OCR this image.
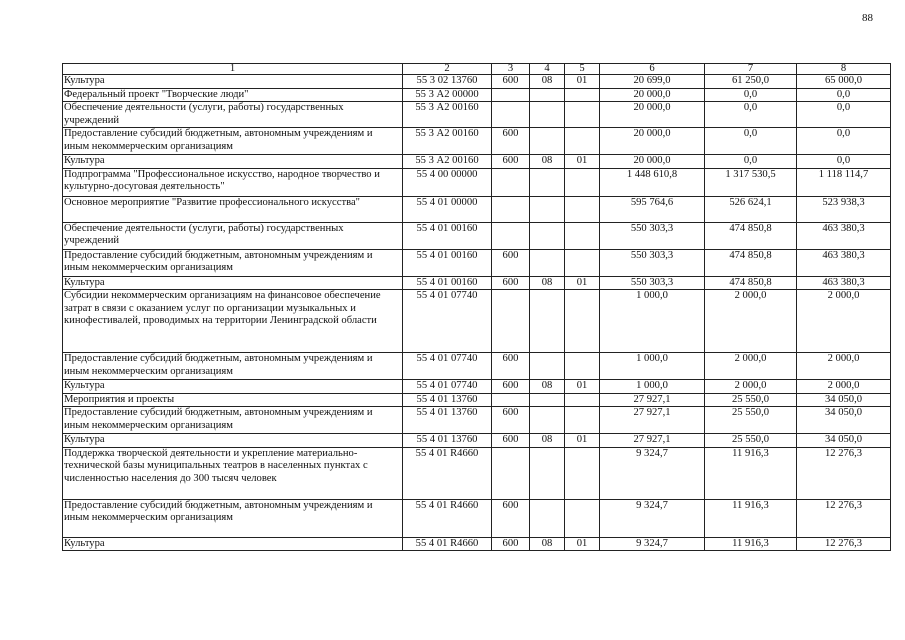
88
1	2	3	4	5	6	7	8
Культура	55 3 02 13760	600	08	01	20 699,0	61 250,0	65 000,0
Федеральный проект "Творческие люди"	55 3 А2 00000				20 000,0	0,0	0,0
Обеспечение деятельности (услуги, работы) государственных учреждений	55 3 А2 00160				20 000,0	0,0	0,0
Предоставление субсидий бюджетным, автономным учреждениям и иным некоммерческим организациям	55 3 А2 00160	600			20 000,0	0,0	0,0
Культура	55 3 А2 00160	600	08	01	20 000,0	0,0	0,0
Подпрограмма "Профессиональное искусство, народное творчество и культурно-досуговая деятельность"	55 4 00 00000				1 448 610,8	1 317 530,5	1 118 114,7
Основное мероприятие "Развитие профессионального искусства"	55 4 01 00000				595 764,6	526 624,1	523 938,3
Обеспечение деятельности (услуги, работы) государственных учреждений	55 4 01 00160				550 303,3	474 850,8	463 380,3
Предоставление субсидий бюджетным, автономным учреждениям и иным некоммерческим организациям	55 4 01 00160	600			550 303,3	474 850,8	463 380,3
Культура	55 4 01 00160	600	08	01	550 303,3	474 850,8	463 380,3
Субсидии некоммерческим организациям на финансовое обеспечение затрат в связи с оказанием услуг по организации музыкальных и кинофестивалей, проводимых на территории Ленинградской области	55 4 01 07740				1 000,0	2 000,0	2 000,0
Предоставление субсидий бюджетным, автономным учреждениям и иным некоммерческим организациям	55 4 01 07740	600			1 000,0	2 000,0	2 000,0
Культура	55 4 01 07740	600	08	01	1 000,0	2 000,0	2 000,0
Мероприятия и проекты	55 4 01 13760				27 927,1	25 550,0	34 050,0
Предоставление субсидий бюджетным, автономным учреждениям и иным некоммерческим организациям	55 4 01 13760	600			27 927,1	25 550,0	34 050,0
Культура	55 4 01 13760	600	08	01	27 927,1	25 550,0	34 050,0
Поддержка творческой деятельности и укрепление материально-технической базы муниципальных театров в населенных пунктах с численностью населения до 300 тысяч человек	55 4 01 R4660				9 324,7	11 916,3	12 276,3
Предоставление субсидий бюджетным, автономным учреждениям и иным некоммерческим организациям	55 4 01 R4660	600			9 324,7	11 916,3	12 276,3
Культура	55 4 01 R4660	600	08	01	9 324,7	11 916,3	12 276,3
